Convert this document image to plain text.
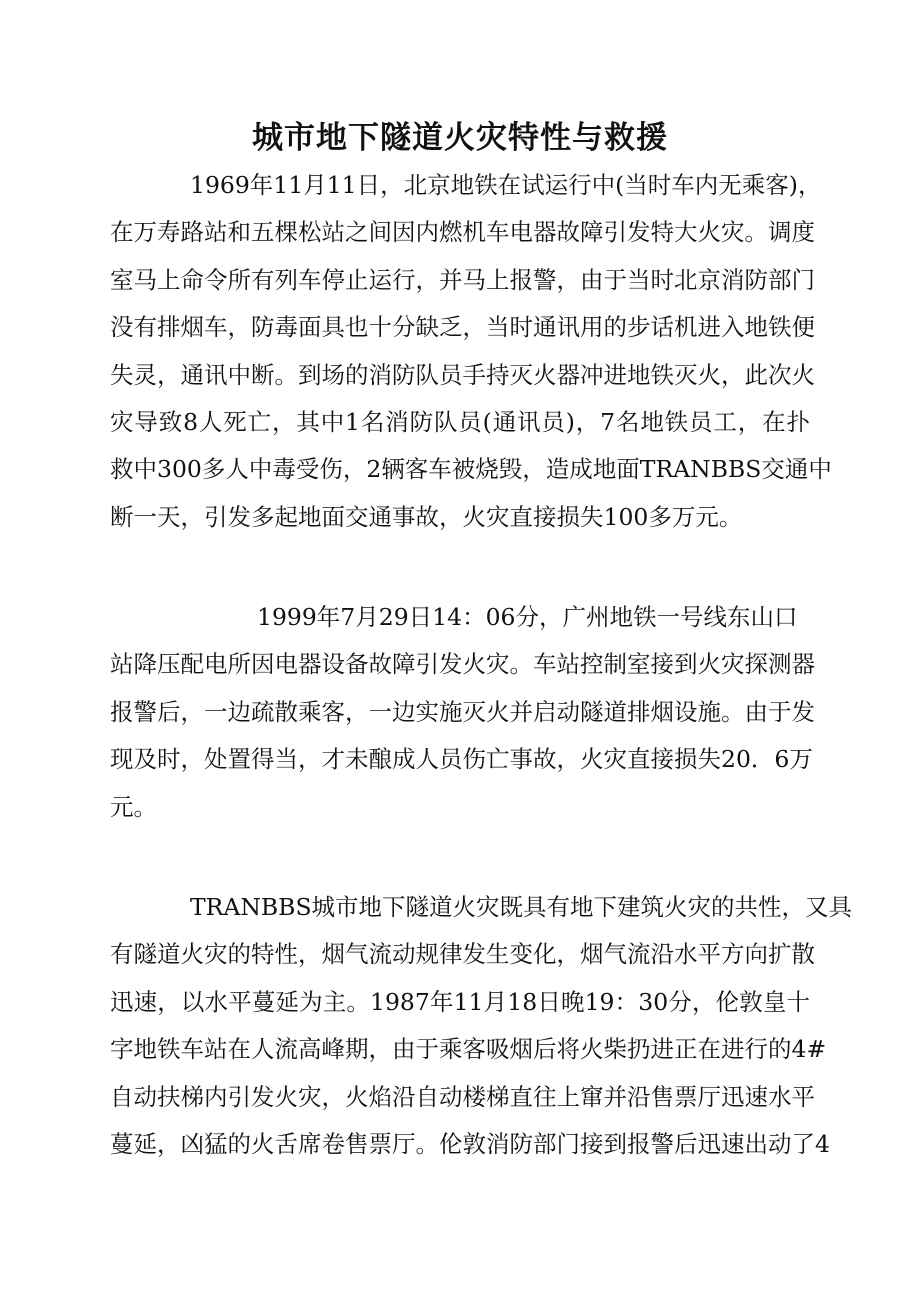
城市地下隧道火灾特性与救援
1969年11月11日，北京地铁在试运行中(当时车内无乘客)，
在万寿路站和五棵松站之间因内燃机车电器故障引发特大火灾。调度
室马上命令所有列车停止运行，并马上报警，由于当时北京消防部门
没有排烟车，防毒面具也十分缺乏，当时通讯用的步话机进入地铁便
失灵，通讯中断。到场的消防队员手持灭火器冲进地铁灭火，此次火
灾导致8人死亡，其中1名消防队员(通讯员)，7名地铁员工，在扑
救中300多人中毒受伤，2辆客车被烧毁，造成地面TRANBBS交通中
断一天，引发多起地面交通事故，火灾直接损失100多万元。
1999年7月29日14：06分，广州地铁一号线东山口
站降压配电所因电器设备故障引发火灾。车站控制室接到火灾探测器
报警后，一边疏散乘客，一边实施灭火并启动隧道排烟设施。由于发
现及时，处置得当，才未酿成人员伤亡事故，火灾直接损失20．6万
元。
TRANBBS城市地下隧道火灾既具有地下建筑火灾的共性，又具
有隧道火灾的特性，烟气流动规律发生变化，烟气流沿水平方向扩散
迅速，以水平蔓延为主。1987年11月18日晚19：30分，伦敦皇十
字地铁车站在人流高峰期，由于乘客吸烟后将火柴扔进正在进行的4#
自动扶梯内引发火灾，火焰沿自动楼梯直往上窜并沿售票厅迅速水平
蔓延，凶猛的火舌席卷售票厅。伦敦消防部门接到报警后迅速出动了4
